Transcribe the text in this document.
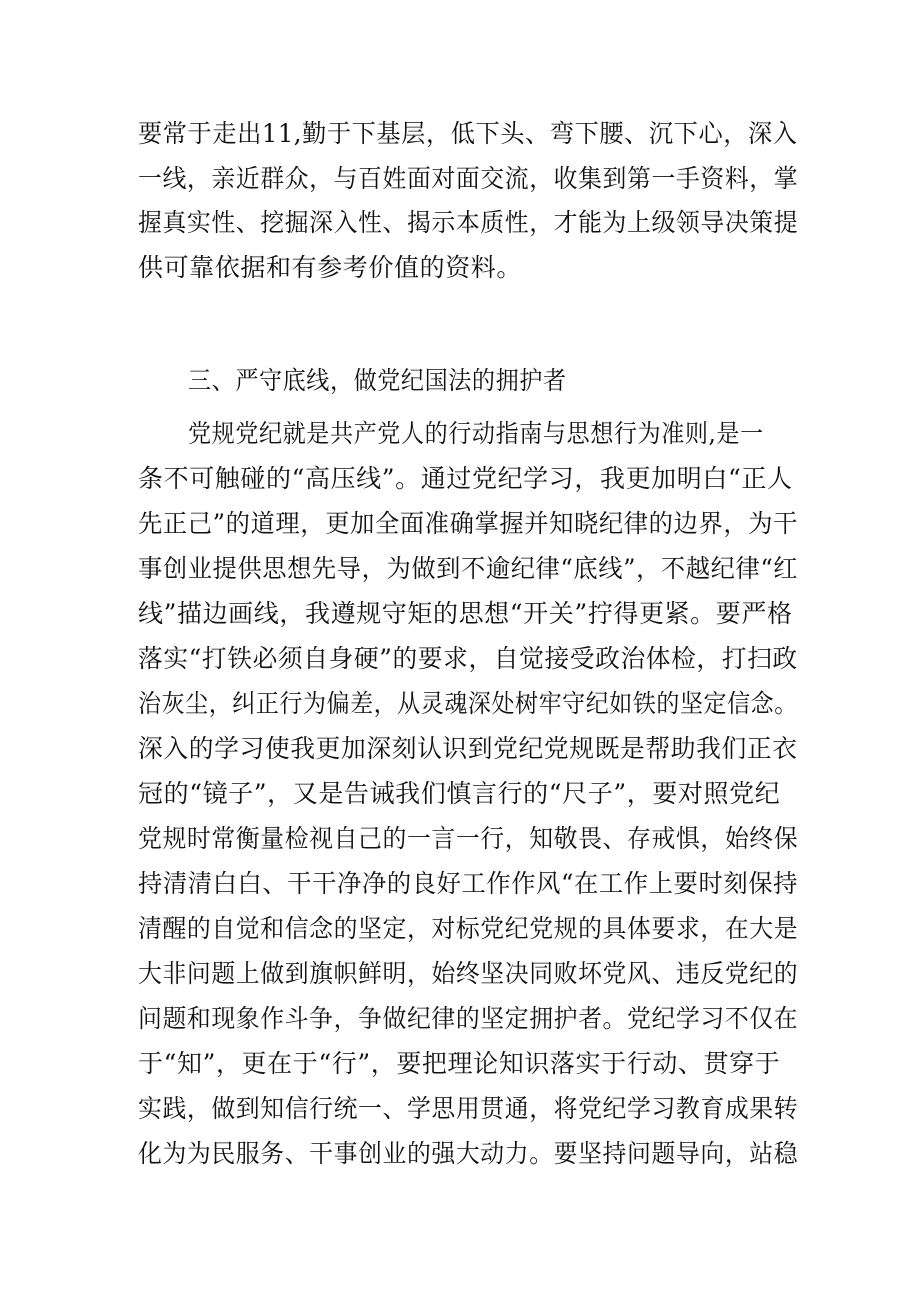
要常于走出11,勤于下基层，低下头、弯下腰、沉下心，深入
一线，亲近群众，与百姓面对面交流，收集到第一手资料，掌
握真实性、挖掘深入性、揭示本质性，才能为上级领导决策提
供可靠依据和有参考价值的资料。
三、严守底线，做党纪国法的拥护者
党规党纪就是共产党人的行动指南与思想行为准则,是一
条不可触碰的“高压线”。通过党纪学习，我更加明白“正人
先正己”的道理，更加全面准确掌握并知晓纪律的边界，为干
事创业提供思想先导，为做到不逾纪律“底线”，不越纪律“红
线”描边画线，我遵规守矩的思想“开关”拧得更紧。要严格
落实“打铁必须自身硬”的要求，自觉接受政治体检，打扫政
治灰尘，纠正行为偏差，从灵魂深处树牢守纪如铁的坚定信念。
深入的学习使我更加深刻认识到党纪党规既是帮助我们正衣
冠的“镜子”，又是告诫我们慎言行的“尺子”，要对照党纪
党规时常衡量检视自己的一言一行，知敬畏、存戒惧，始终保
持清清白白、干干净净的良好工作作风“在工作上要时刻保持
清醒的自觉和信念的坚定，对标党纪党规的具体要求，在大是
大非问题上做到旗帜鲜明，始终坚决同败坏党风、违反党纪的
问题和现象作斗争，争做纪律的坚定拥护者。党纪学习不仅在
于“知”，更在于“行”，要把理论知识落实于行动、贯穿于
实践，做到知信行统一、学思用贯通，将党纪学习教育成果转
化为为民服务、干事创业的强大动力。要坚持问题导向，站稳
